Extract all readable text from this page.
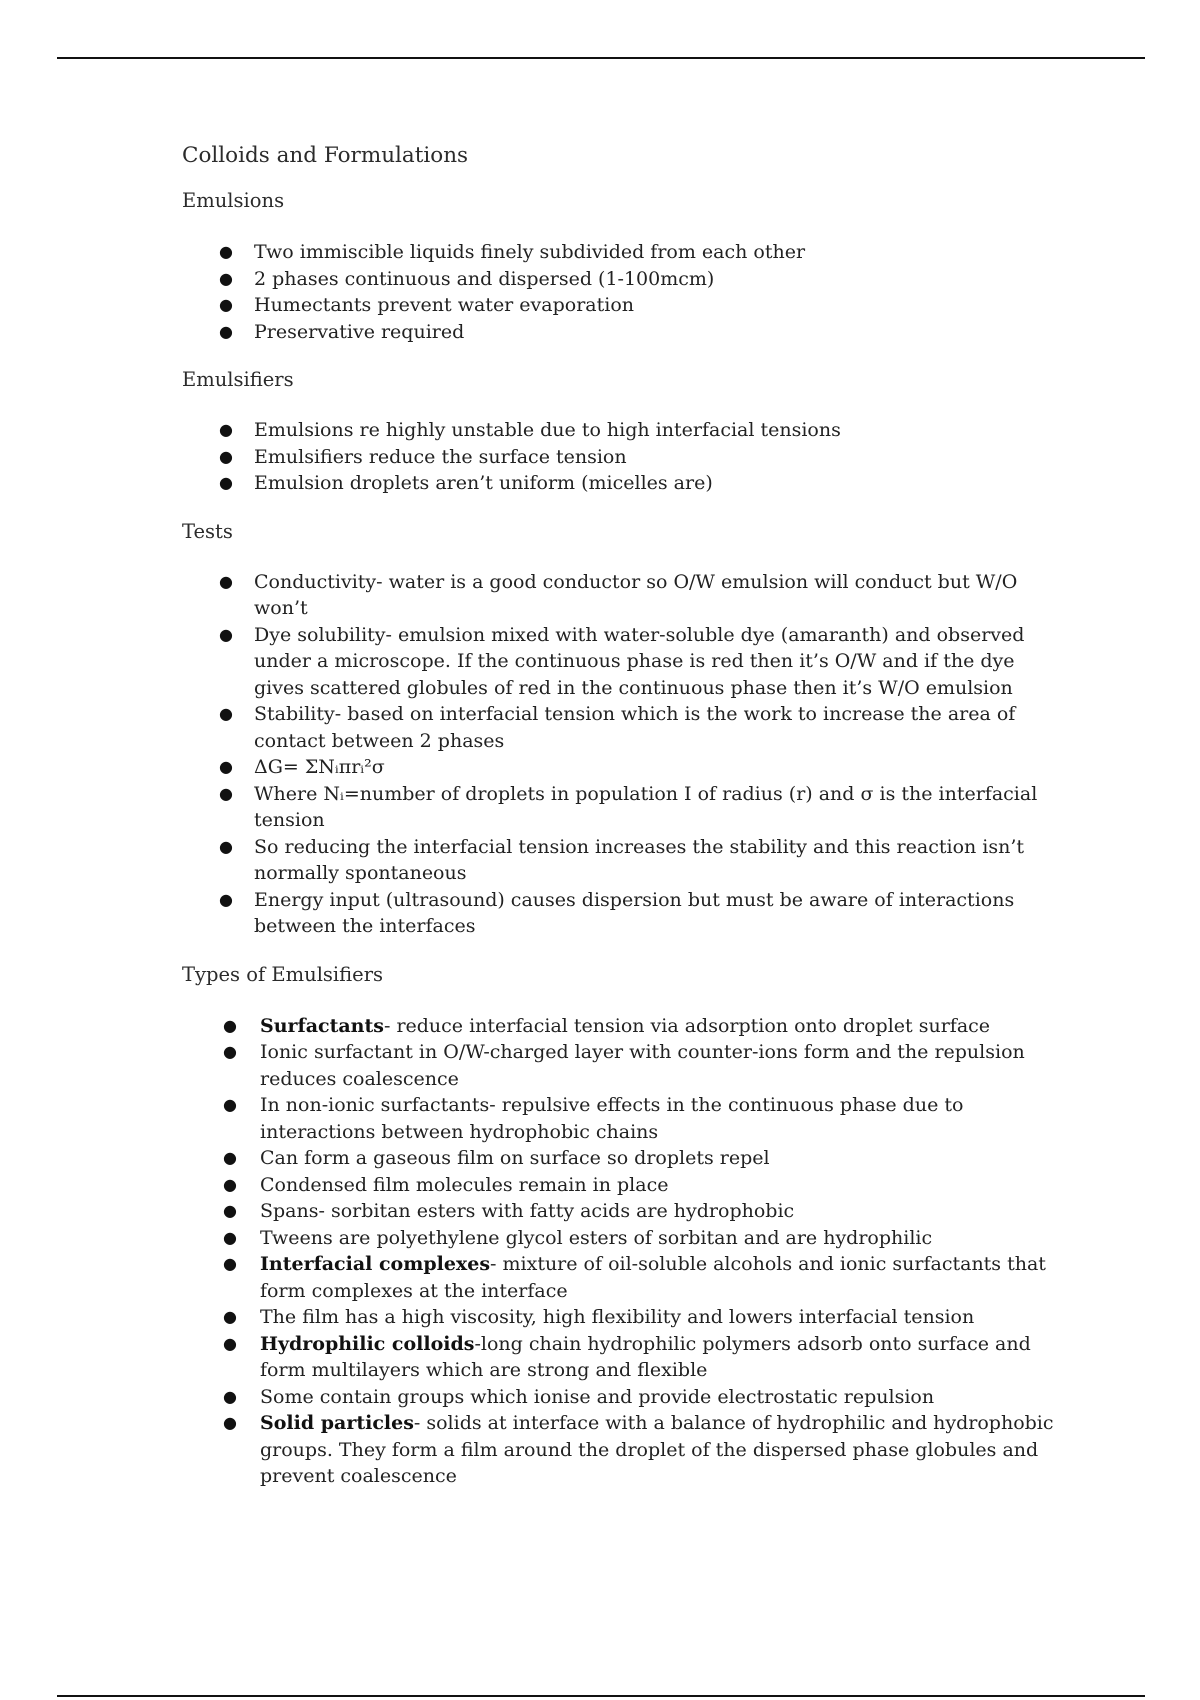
Colloids and Formulations
Emulsions
● Two immiscible liquids finely subdivided from each other
● 2 phases continuous and dispersed (1-100mcm)
● Humectants prevent water evaporation
● Preservative required
Emulsifiers
● Emulsions re highly unstable due to high interfacial tensions
● Emulsifiers reduce the surface tension
● Emulsion droplets aren’t uniform (micelles are)
Tests
● Conductivity- water is a good conductor so O/W emulsion will conduct but W/O won’t
● Dye solubility- emulsion mixed with water-soluble dye (amaranth) and observed under a microscope. If the continuous phase is red then it’s O/W and if the dye gives scattered globules of red in the continuous phase then it’s W/O emulsion
● Stability- based on interfacial tension which is the work to increase the area of contact between 2 phases
● ΔG= ΣNᵢπrᵢ²σ
● Where Nᵢ=number of droplets in population I of radius (r) and σ is the interfacial tension
● So reducing the interfacial tension increases the stability and this reaction isn’t normally spontaneous
● Energy input (ultrasound) causes dispersion but must be aware of interactions between the interfaces
Types of Emulsifiers
● Surfactants- reduce interfacial tension via adsorption onto droplet surface
● Ionic surfactant in O/W-charged layer with counter-ions form and the repulsion reduces coalescence
● In non-ionic surfactants- repulsive effects in the continuous phase due to interactions between hydrophobic chains
● Can form a gaseous film on surface so droplets repel
● Condensed film molecules remain in place
● Spans- sorbitan esters with fatty acids are hydrophobic
● Tweens are polyethylene glycol esters of sorbitan and are hydrophilic
● Interfacial complexes- mixture of oil-soluble alcohols and ionic surfactants that form complexes at the interface
● The film has a high viscosity, high flexibility and lowers interfacial tension
● Hydrophilic colloids-long chain hydrophilic polymers adsorb onto surface and form multilayers which are strong and flexible
● Some contain groups which ionise and provide electrostatic repulsion
● Solid particles- solids at interface with a balance of hydrophilic and hydrophobic groups. They form a film around the droplet of the dispersed phase globules and prevent coalescence
